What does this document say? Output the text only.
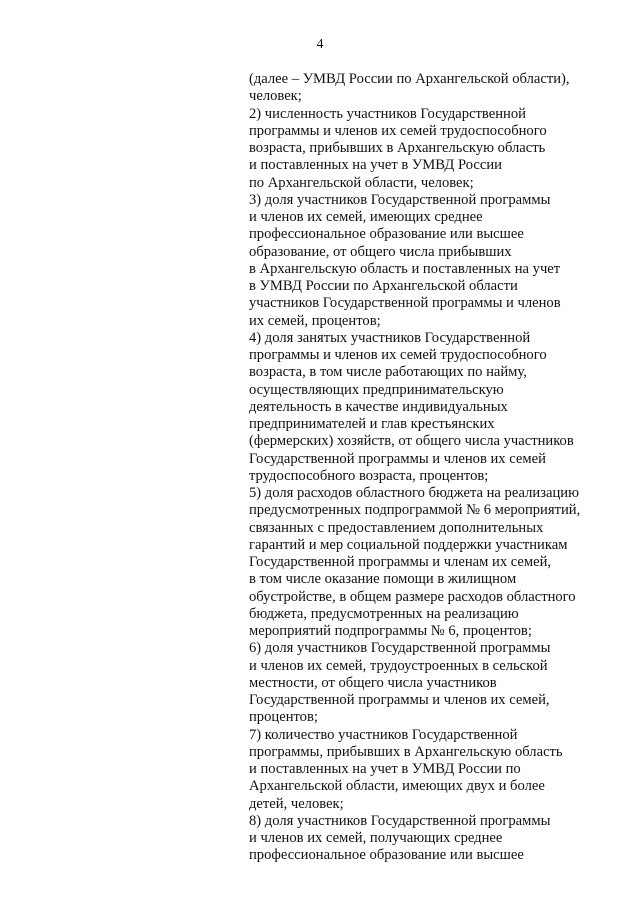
4
(далее – УМВД России по Архангельской области),
человек;
2) численность участников Государственной
программы и членов их семей трудоспособного
возраста, прибывших в Архангельскую область
и поставленных на учет в УМВД России
по Архангельской области, человек;
3) доля участников Государственной программы
и членов их семей, имеющих среднее
профессиональное образование или высшее
образование, от общего числа прибывших
в Архангельскую область и поставленных на учет
в УМВД России по Архангельской области
участников Государственной программы и членов
их семей, процентов;
4) доля занятых участников Государственной
программы и членов их семей трудоспособного
возраста, в том числе работающих по найму,
осуществляющих предпринимательскую
деятельность в качестве индивидуальных
предпринимателей и глав крестьянских
(фермерских) хозяйств, от общего числа участников
Государственной программы и членов их семей
трудоспособного возраста, процентов;
5) доля расходов областного бюджета на реализацию
предусмотренных подпрограммой № 6 мероприятий,
связанных с предоставлением дополнительных
гарантий и мер социальной поддержки участникам
Государственной программы и членам их семей,
в том числе оказание помощи в жилищном
обустройстве, в общем размере расходов областного
бюджета, предусмотренных на реализацию
мероприятий подпрограммы № 6, процентов;
6) доля участников Государственной программы
и членов их семей, трудоустроенных в сельской
местности, от общего числа участников
Государственной программы и членов их семей,
процентов;
7) количество участников Государственной
программы, прибывших в Архангельскую область
и поставленных на учет в УМВД России по
Архангельской области, имеющих двух и более
детей, человек;
8) доля участников Государственной программы
и членов их семей, получающих среднее
профессиональное образование или высшее
